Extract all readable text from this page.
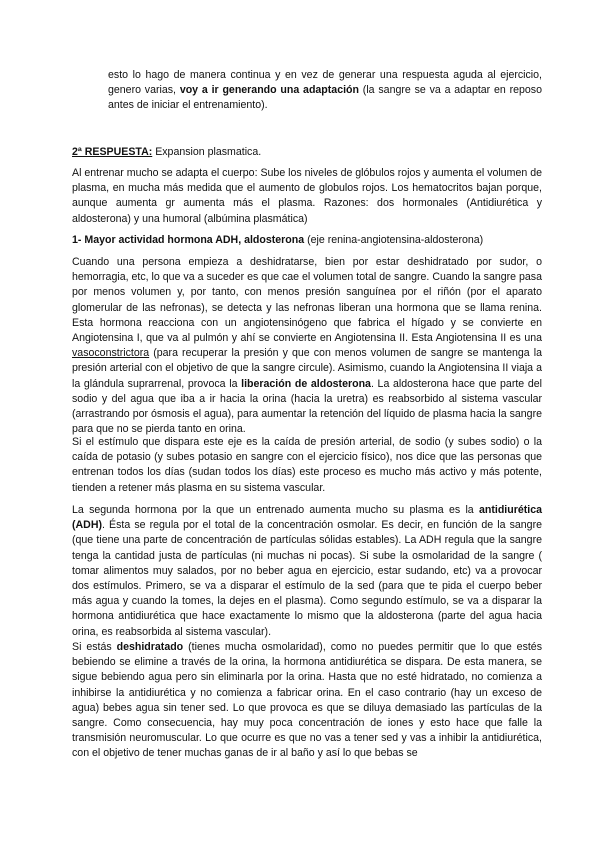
esto lo hago de manera continua y en vez de generar una respuesta aguda al ejercicio, genero varias, voy a ir generando una adaptación (la sangre se va a adaptar en reposo antes de iniciar el entrenamiento).

2ª RESPUESTA: Expansion plasmatica.

Al entrenar mucho se adapta el cuerpo: Sube los niveles de glóbulos rojos y aumenta el volumen de plasma, en mucha más medida que el aumento de globulos rojos. Los hematocritos bajan porque, aunque aumenta gr aumenta más el plasma. Razones: dos hormonales (Antidiurética y aldosterona) y una humoral (albúmina plasmática)

1- Mayor actividad hormona ADH, aldosterona (eje renina-angiotensina-aldosterona)

Cuando una persona empieza a deshidratarse, bien por estar deshidratado por sudor, o hemorragia, etc, lo que va a suceder es que cae el volumen total de sangre. Cuando la sangre pasa por menos volumen y, por tanto, con menos presión sanguínea por el riñón (por el aparato glomerular de las nefronas), se detecta y las nefronas liberan una hormona que se llama renina. Esta hormona reacciona con un angiotensinógeno que fabrica el hígado y se convierte en Angiotensina I, que va al pulmón y ahí se convierte en Angiotensina II. Esta Angiotensina II es una vasoconstrictora (para recuperar la presión y que con menos volumen de sangre se mantenga la presión arterial con el objetivo de que la sangre circule). Asimismo, cuando la Angiotensina II viaja a la glándula suprarrenal, provoca la liberación de aldosterona. La aldosterona hace que parte del sodio y del agua que iba a ir hacia la orina (hacia la uretra) es reabsorbido al sistema vascular (arrastrando por ósmosis el agua), para aumentar la retención del líquido de plasma hacia la sangre para que no se pierda tanto en orina.

Si el estímulo que dispara este eje es la caída de presión arterial, de sodio (y subes sodio) o la caída de potasio (y subes potasio en sangre con el ejercicio físico), nos dice que las personas que entrenan todos los días (sudan todos los días) este proceso es mucho más activo y más potente, tienden a retener más plasma en su sistema vascular.

La segunda hormona por la que un entrenado aumenta mucho su plasma es la antidiurética (ADH). Ésta se regula por el total de la concentración osmolar. Es decir, en función de la sangre (que tiene una parte de concentración de partículas sólidas estables). La ADH regula que la sangre tenga la cantidad justa de partículas (ni muchas ni pocas). Si sube la osmolaridad de la sangre ( tomar alimentos muy salados, por no beber agua en ejercicio, estar sudando, etc) va a provocar dos estímulos. Primero, se va a disparar el estímulo de la sed (para que te pida el cuerpo beber más agua y cuando la tomes, la dejes en el plasma). Como segundo estímulo, se va a disparar la hormona antidiurética que hace exactamente lo mismo que la aldosterona (parte del agua hacia orina, es reabsorbida al sistema vascular).

Si estás deshidratado (tienes mucha osmolaridad), como no puedes permitir que lo que estés bebiendo se elimine a través de la orina, la hormona antidiurética se dispara. De esta manera, se sigue bebiendo agua pero sin eliminarla por la orina. Hasta que no esté hidratado, no comienza a inhibirse la antidiurética y no comienza a fabricar orina. En el caso contrario (hay un exceso de agua) bebes agua sin tener sed. Lo que provoca es que se diluya demasiado las partículas de la sangre. Como consecuencia, hay muy poca concentración de iones y esto hace que falle la transmisión neuromuscular. Lo que ocurre es que no vas a tener sed y vas a inhibir la antidiurética, con el objetivo de tener muchas ganas de ir al baño y así lo que bebas se
